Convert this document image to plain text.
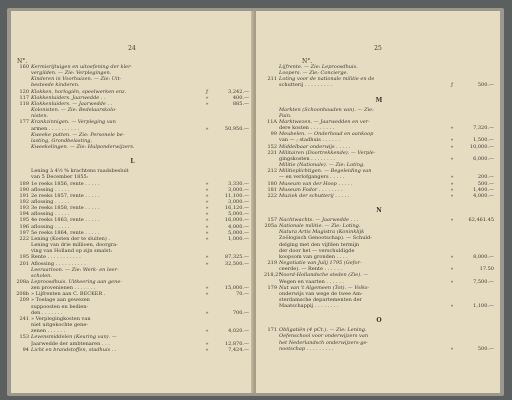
24
N°.
160 Kermisrijtuigen en uitoefening der kler-
vergilden. — Zie: Verplegingen.
Kinderen in Voorhuizen. — Zie: Uit-
besteede kinderen.
120 Klokken, horlogiën, speelwerken enz.	ƒ	3,242.—
117 Klokkenluiders. Jaarwedde . .	»	400.—
118 Klokkenluiders. — Jaarwedde . .	»	885.—
Kolonisten. — Zie: Bedelaarskolo-
nisten.
177 Krankzinnigen. — Verpleging van
armen . . . . . . . . . .	»	50,950.—
Kweeke putten. — Zie: Personele be-
lasting, Grondbelasting.
Kweekelingen. — Zie: Hulponderwijzers.
L
Lening à 4½ % krachtens raadsbesluit
van 5 December 1855:
189 1e reeks 1856, rente . . . . .	»	3,330.—
190 aflossing . . . . .	»	3,000.—
191 2e reeks 1857, rente . . . . .	»	11,100.—
192 aflossing . . . . .	»	3,000.—
193 3e reeks 1858, rente . . . . .	»	16,120.—
194 aflossing . . . . .	»	5,000.—
195 4e reeks 1863, rente . . . . .	»	16,000.—
196 aflossing . . . . .	»	4,000.—
197 5e reeks 1864, rente . . . . .	»	5,000.—
222 Lening (Kosten der te sluiten) .	»	1,000.—
Lening van drie millioen, doorgra-
ving van Holland op zijn smalst:
195 Rente . . . . . . . . . . .	»	87,325.—
201 Aflossing . . . . . . . . . .	»	32,500.—
Leeraarloon. — Zie: Werk- en leer-
scholen.
208a Leproosdhuis. Uitkeering aan gene-
zen provenienen . . . . . . .	»	15,000.—
208b » Lijfrenten aan C. BECKER .	»	70.—
209 » Toelage aan gewezen
suppoosten en bedien-
den . . . . . . .	»	700.—
241 » Verplegingkosten van
niet uitgekochte gene-
zenen . . . . . .	»	4,020.—
153 Levensmiddelen (Keuring van). —
Jaarwedde der ambtenaren . . .	»	12,870.—
94 Licht en brandstoffen, stadhuis . .	»	7,424.—
25
N°.
Lijfrente. — Zie: Leproosdhuis.
Loopers. — Zie: Concierge.
211 Loting voor de nationale militie en de
schutterij . . . . . . . . .	ƒ	500.—
M
Markten (Schoonhouden van). — Zie:
Pain.
11A Marktwezen. — Jaarwedden en ver-
dere kosten . . . . . . . .	»	7,320.—
99 Meubelen. — Onderhoud en aankoop
van — ; stadhuis . . . . . .	»	1,500.—
152 Middelbaar onderwijs . . . . .	»	10,000.—
231 Militairen (Doortrekkende). — Verple-
gingskosten . . . . . . . .	»	6,000.—
Militie (Nationale). — Zie: Loting.
212 Militieplichtigen. — Begeleiding van
— en verlofgangers . . . . .	»	200.—
180 Museum van der Hoop . . . . .	»	500.—
181 Museum Fodor . . . . . . . .	»	1,400.—
222 Muziek der schutterij . . . . .	»	4,000.—
N
157 Nachtwachts. — Jaarwedde . . .	»	62,461.45
205a Nationale militie. — Zie: Loting.
Natura Artis Magistra (Koninklijk
Zoölogisch Genootschap). — Schuld-
delging met den vijfden termijn
der door het — verschuldigde
koopsom van gronden . . . .	»	8,000.—
219 Negotiatie van Julij 1795 (Gefor-
ceerde). — Rente . . . . . .	»	17.50
218,2°
Noord-Hollandsche steden (Zie). —
Wegen en vaarten . . . . . .	»	7,500.—
179 Nut van 't Algemeen (Tot). — Volks-
onderwijs van wege de twee Am-
sterdamsche departementen der
Maatschappij . . . . . . . .	»	1,100.—
O
171 Obligatiën (4 pCt.). — Zie: Lening.
Oefenschool voor onderwijzers van
het Nederlandsch onderwijzers-ge-
nootschap . . . . . . . . .	»	500.—
